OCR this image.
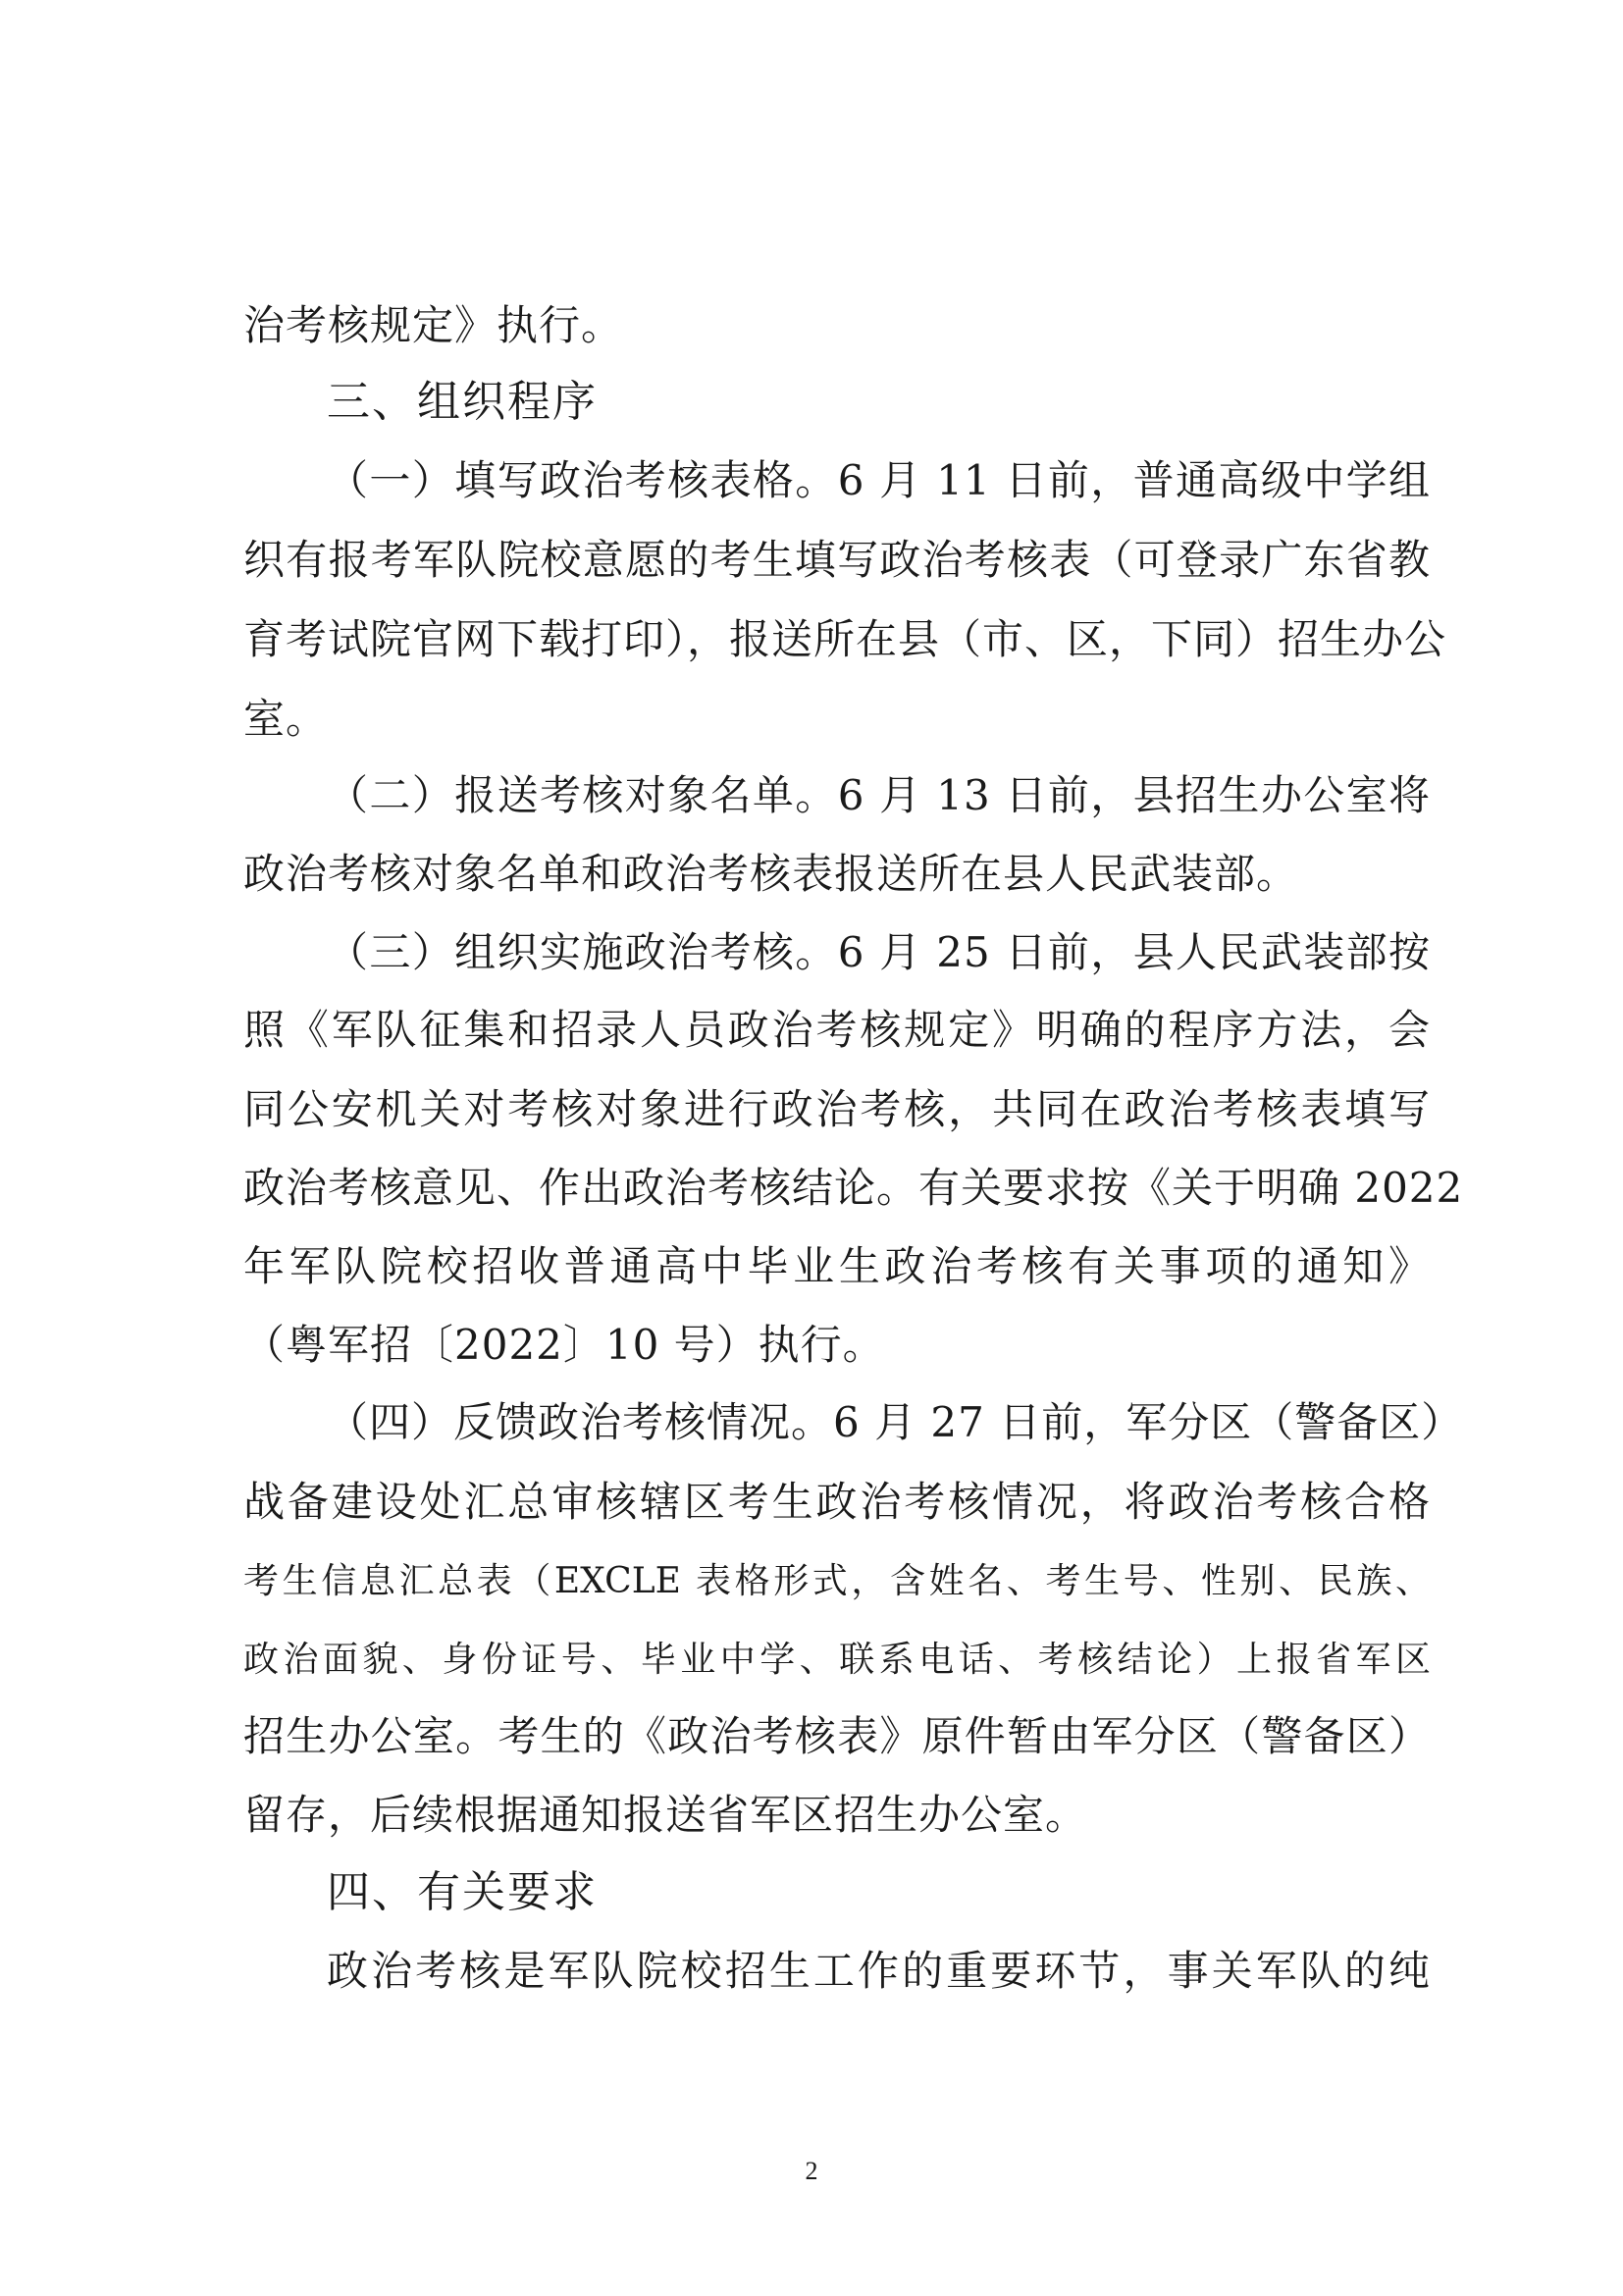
治考核规定》执行。
三、组织程序
（一）填写政治考核表格。6 月 11 日前，普通高级中学组
织有报考军队院校意愿的考生填写政治考核表（可登录广东省教
育考试院官网下载打印），报送所在县（市、区，下同）招生办公
室。
（二）报送考核对象名单。6 月 13 日前，县招生办公室将
政治考核对象名单和政治考核表报送所在县人民武装部。
（三）组织实施政治考核。6 月 25 日前，县人民武装部按
照《军队征集和招录人员政治考核规定》明确的程序方法，会
同公安机关对考核对象进行政治考核，共同在政治考核表填写
政治考核意见、作出政治考核结论。有关要求按《关于明确 2022
年军队院校招收普通高中毕业生政治考核有关事项的通知》
（粤军招〔2022〕10 号）执行。
（四）反馈政治考核情况。6 月 27 日前，军分区（警备区）
战备建设处汇总审核辖区考生政治考核情况，将政治考核合格
考生信息汇总表（EXCLE 表格形式，含姓名、考生号、性别、民族、
政治面貌、身份证号、毕业中学、联系电话、考核结论）上报省军区
招生办公室。考生的《政治考核表》原件暂由军分区（警备区）
留存，后续根据通知报送省军区招生办公室。
四、有关要求
政治考核是军队院校招生工作的重要环节，事关军队的纯
2
